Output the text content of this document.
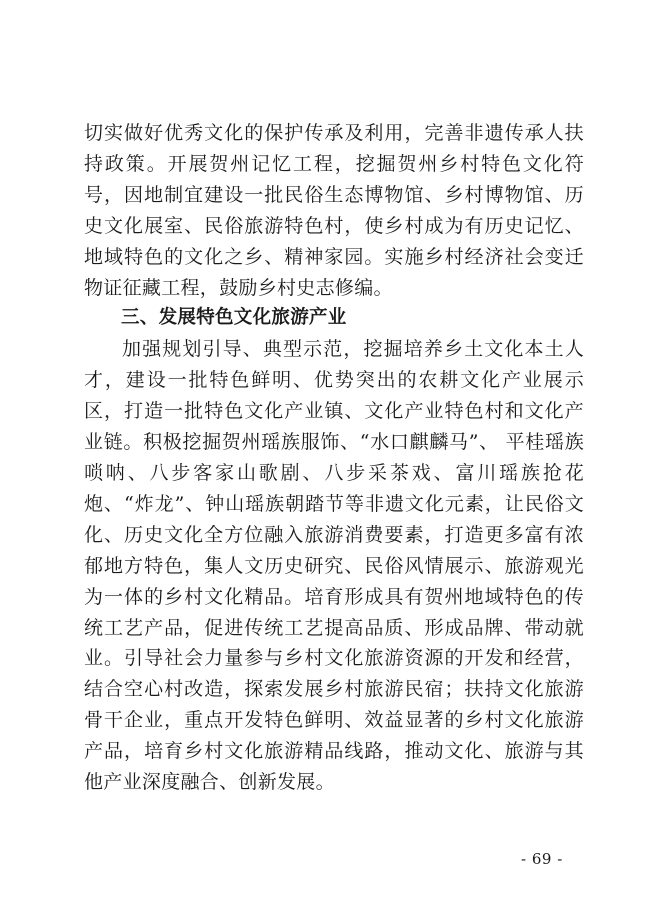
切实做好优秀文化的保护传承及利用，完善非遗传承人扶持政策。开展贺州记忆工程，挖掘贺州乡村特色文化符号，因地制宜建设一批民俗生态博物馆、乡村博物馆、历史文化展室、民俗旅游特色村，使乡村成为有历史记忆、地域特色的文化之乡、精神家园。实施乡村经济社会变迁物证征藏工程，鼓励乡村史志修编。

三、发展特色文化旅游产业

加强规划引导、典型示范，挖掘培养乡土文化本土人才，建设一批特色鲜明、优势突出的农耕文化产业展示区，打造一批特色文化产业镇、文化产业特色村和文化产业链。积极挖掘贺州瑶族服饰、“水口麒麟马”、 平桂瑶族唢呐、八步客家山歌剧、八步采茶戏、富川瑶族抢花炮、“炸龙”、钟山瑶族朝踏节等非遗文化元素，让民俗文化、历史文化全方位融入旅游消费要素，打造更多富有浓郁地方特色，集人文历史研究、民俗风情展示、旅游观光为一体的乡村文化精品。培育形成具有贺州地域特色的传统工艺产品，促进传统工艺提高品质、形成品牌、带动就业。引导社会力量参与乡村文化旅游资源的开发和经营，结合空心村改造，探索发展乡村旅游民宿；扶持文化旅游骨干企业，重点开发特色鲜明、效益显著的乡村文化旅游产品，培育乡村文化旅游精品线路，推动文化、旅游与其他产业深度融合、创新发展。

- 69 -
